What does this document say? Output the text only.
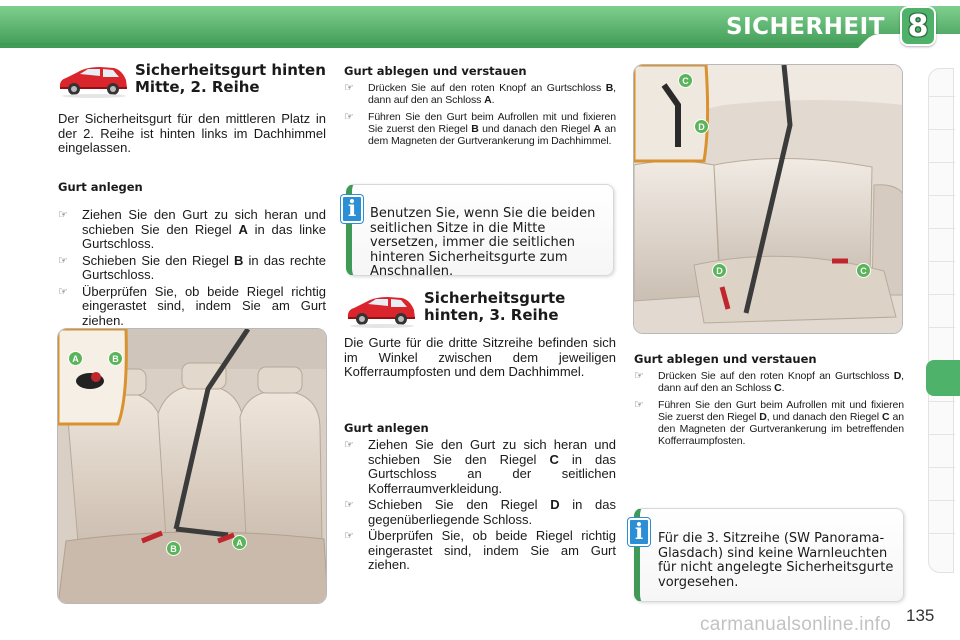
SICHERHEIT 8
Sicherheitsgurt hinten
Mitte, 2. Reihe

Der Sicherheitsgurt für den mittleren Platz in der 2. Reihe ist hinten links im Dachhimmel eingelassen.

Gurt anlegen
☞ Ziehen Sie den Gurt zu sich heran und schieben Sie den Riegel A in das linke Gurtschloss.
☞ Schieben Sie den Riegel B in das rechte Gurtschloss.
☞ Überprüfen Sie, ob beide Riegel richtig eingerastet sind, indem Sie am Gurt ziehen.
A	B
B
A
Gurt ablegen und verstauen
☞ Drücken Sie auf den roten Knopf an Gurtschloss B, dann auf den an Schloss A.
☞ Führen Sie den Gurt beim Aufrollen mit und fixieren Sie zuerst den Riegel B und danach den Riegel A an dem Magneten der Gurtverankerung im Dachhimmel.
i	Benutzen Sie, wenn Sie die beiden seitlichen Sitze in die Mitte versetzen, immer die seitlichen hinteren Sicherheitsgurte zum Anschnallen.
Sicherheitsgurte
hinten, 3. Reihe

Die Gurte für die dritte Sitzreihe befinden sich im Winkel zwischen dem jeweiligen Kofferraumpfosten und dem Dachhimmel.

Gurt anlegen
☞ Ziehen Sie den Gurt zu sich heran und schieben Sie den Riegel C in das Gurtschloss an der seitlichen Kofferraumverkleidung.
☞ Schieben Sie den Riegel D in das gegenüberliegende Schloss.
☞ Überprüfen Sie, ob beide Riegel richtig eingerastet sind, indem Sie am Gurt ziehen.
C
D
D	C
Gurt ablegen und verstauen
☞ Drücken Sie auf den roten Knopf an Gurtschloss D, dann auf den an Schloss C.
☞ Führen Sie den Gurt beim Aufrollen mit und fixieren Sie zuerst den Riegel D, und danach den Riegel C an den Magneten der Gurtverankerung im betreffenden Kofferraumpfosten.
i	Für die 3. Sitzreihe (SW Panorama-Glasdach) sind keine Warnleuchten für nicht angelegte Sicherheitsgurte vorgesehen.
135
carmanualsonline.info
